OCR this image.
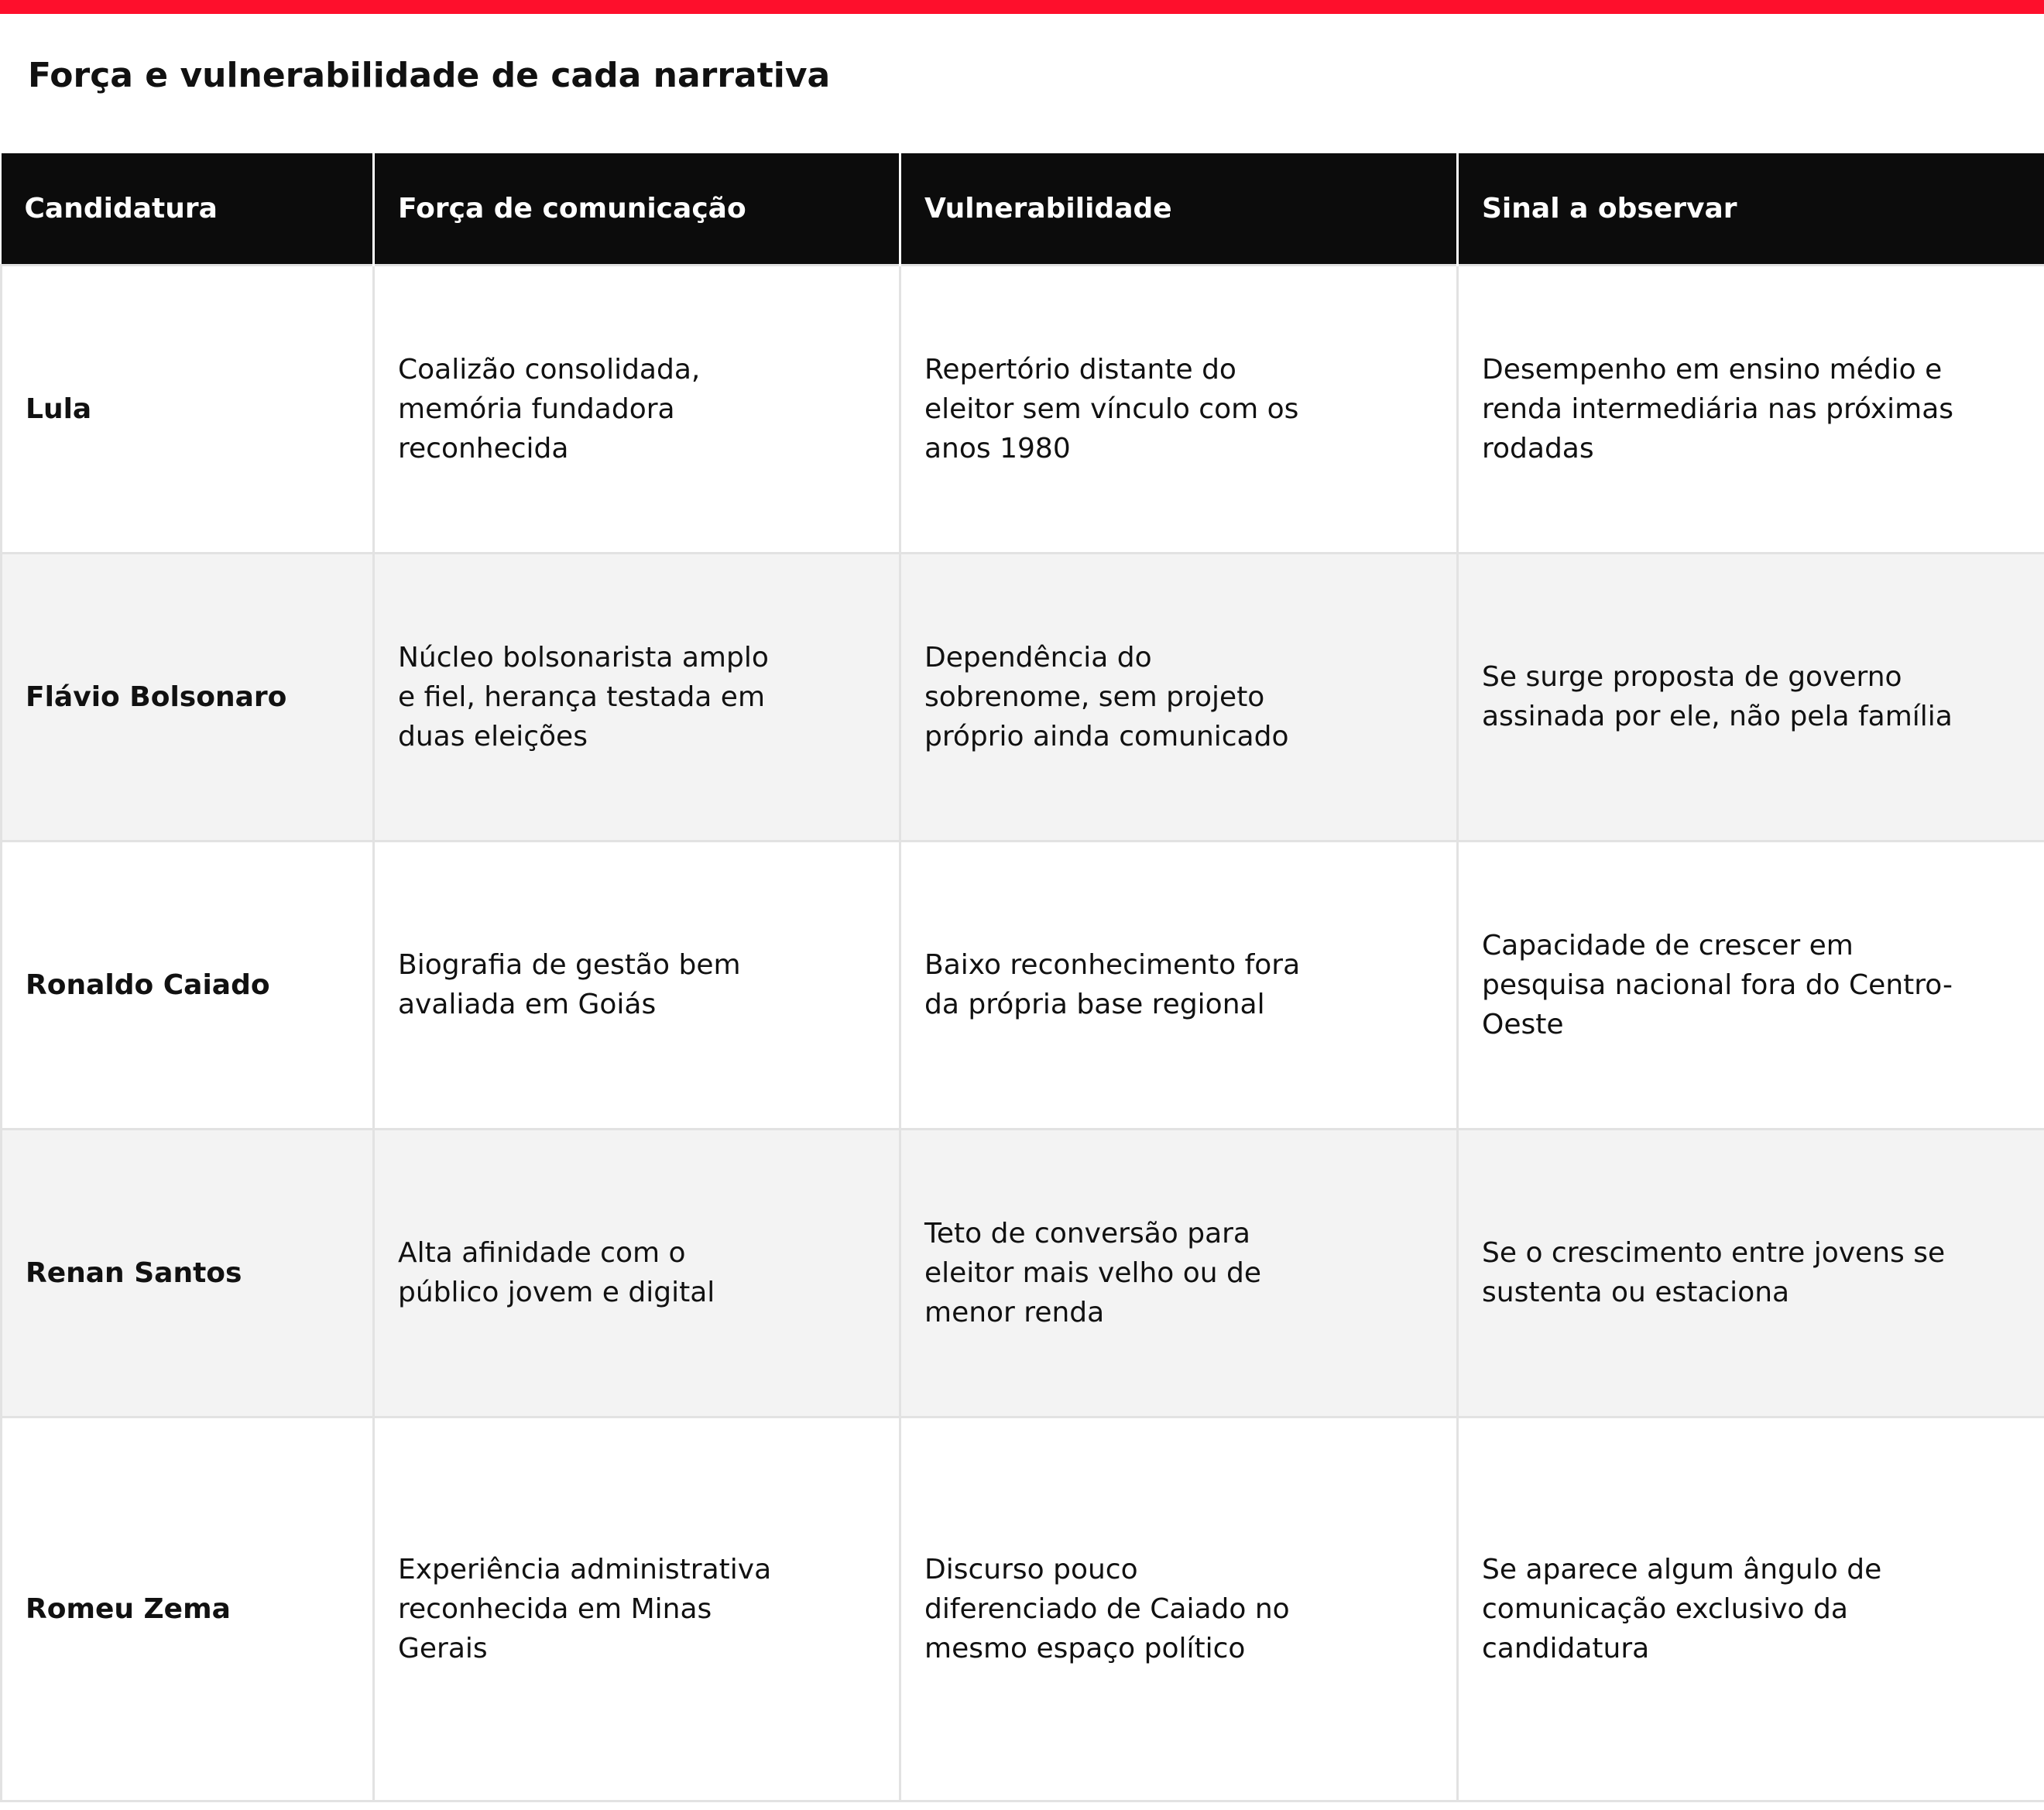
Força e vulnerabilidade de cada narrativa
Candidatura	Força de comunicação	Vulnerabilidade	Sinal a observar
Lula	Coalizão consolidada, memória fundadora reconhecida	Repertório distante do eleitor sem vínculo com os anos 1980	Desempenho em ensino médio e renda intermediária nas próximas rodadas

Flávio Bolsonaro	Núcleo bolsonarista amplo e fiel, herança testada em duas eleições	Dependência do sobrenome, sem projeto próprio ainda comunicado	Se surge proposta de governo assinada por ele, não pela família

Ronaldo Caiado	Biografia de gestão bem avaliada em Goiás	Baixo reconhecimento fora da própria base regional	Capacidade de crescer em pesquisa nacional fora do Centro-Oeste

Renan Santos	Alta afinidade com o público jovem e digital	Teto de conversão para eleitor mais velho ou de menor renda	Se o crescimento entre jovens se sustenta ou estaciona

Romeu Zema	Experiência administrativa reconhecida em Minas Gerais	Discurso pouco diferenciado de Caiado no mesmo espaço político	Se aparece algum ângulo de comunicação exclusivo da candidatura
